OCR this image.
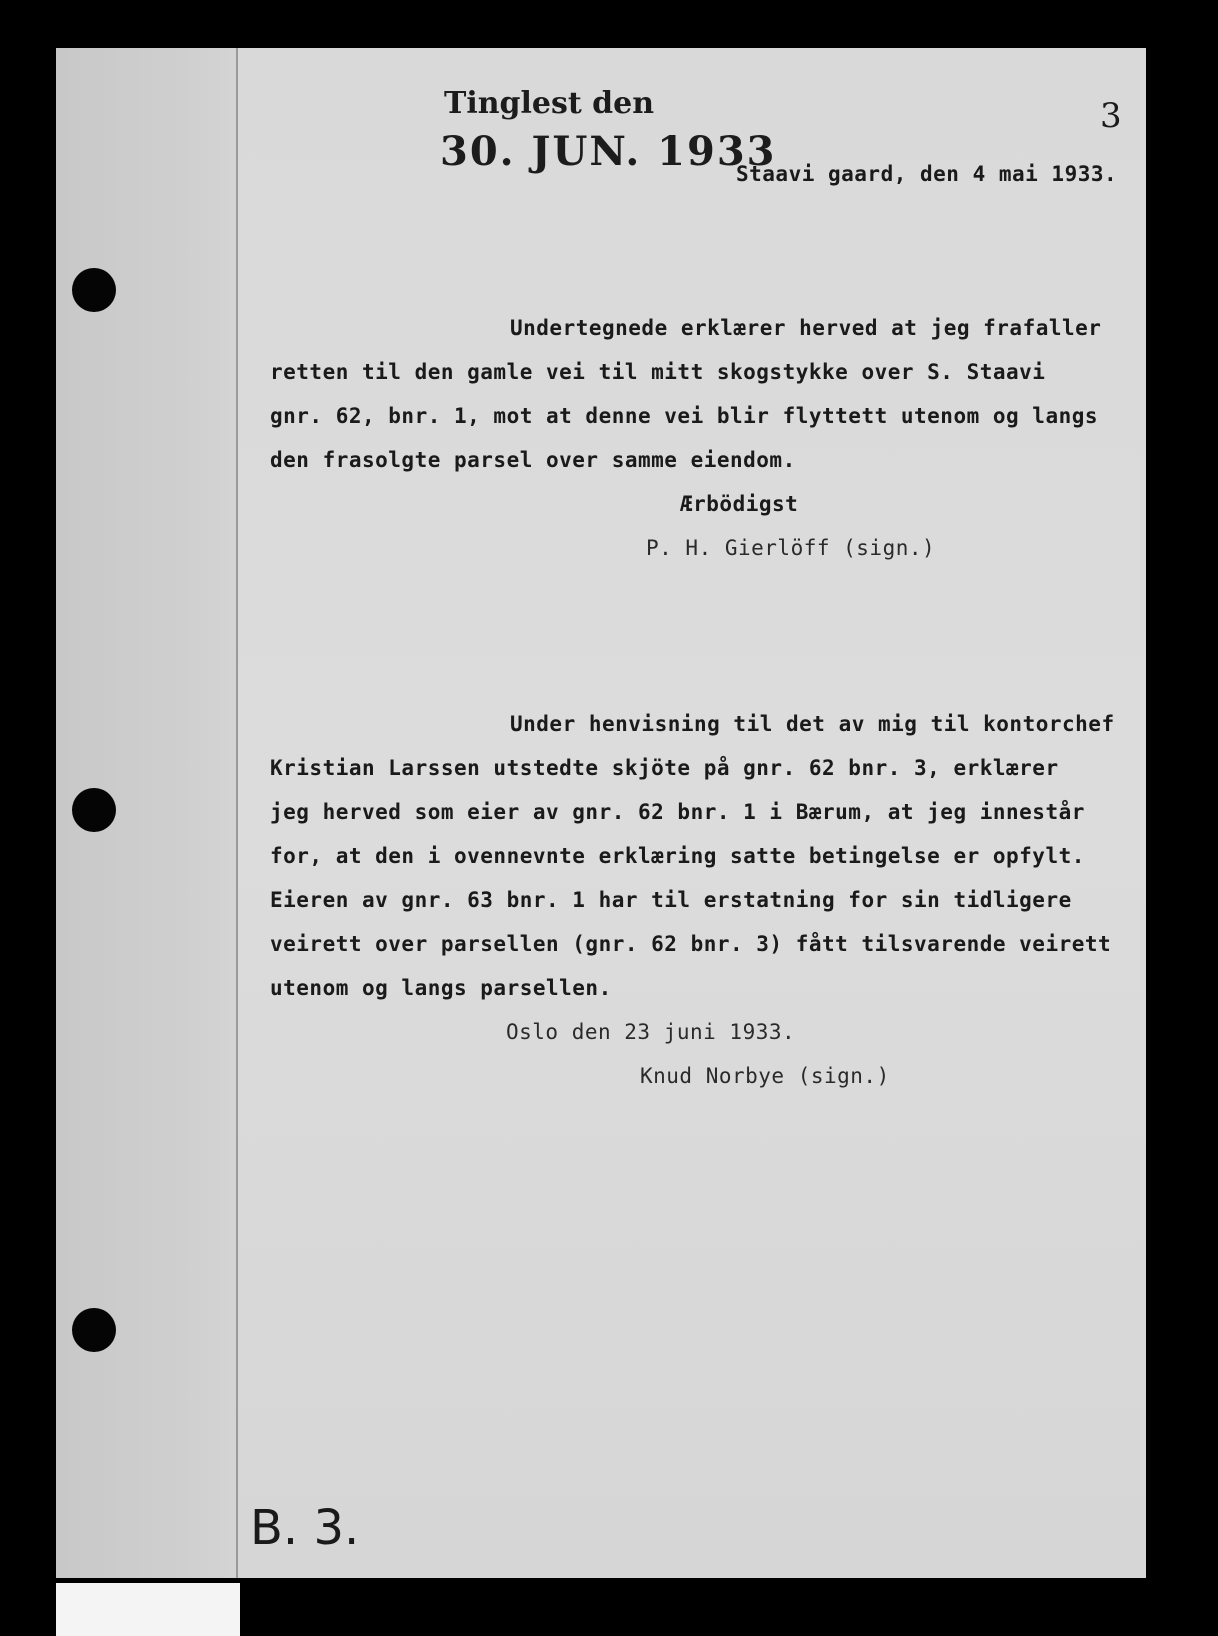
Tinglest den
30. JUN. 1933
3
Staavi gaard, den 4 mai 1933.
Undertegnede erklærer herved at jeg frafaller
retten til den gamle vei til mitt skogstykke over S. Staavi
gnr. 62, bnr. 1, mot at denne vei blir flyttett utenom og langs
den frasolgte parsel over samme eiendom.
Ærbödigst
P. H. Gierlöff (sign.)
Under henvisning til det av mig til kontorchef
Kristian Larssen utstedte skjöte på gnr. 62 bnr. 3, erklærer
jeg herved som eier av gnr. 62 bnr. 1 i Bærum, at jeg innestår
for, at den i ovennevnte erklæring satte betingelse er opfylt.
Eieren av gnr. 63 bnr. 1 har til erstatning for sin tidligere
veirett over parsellen (gnr. 62 bnr. 3) fått tilsvarende veirett
utenom og langs parsellen.
Oslo den 23 juni 1933.
Knud Norbye (sign.)
B. 3.
